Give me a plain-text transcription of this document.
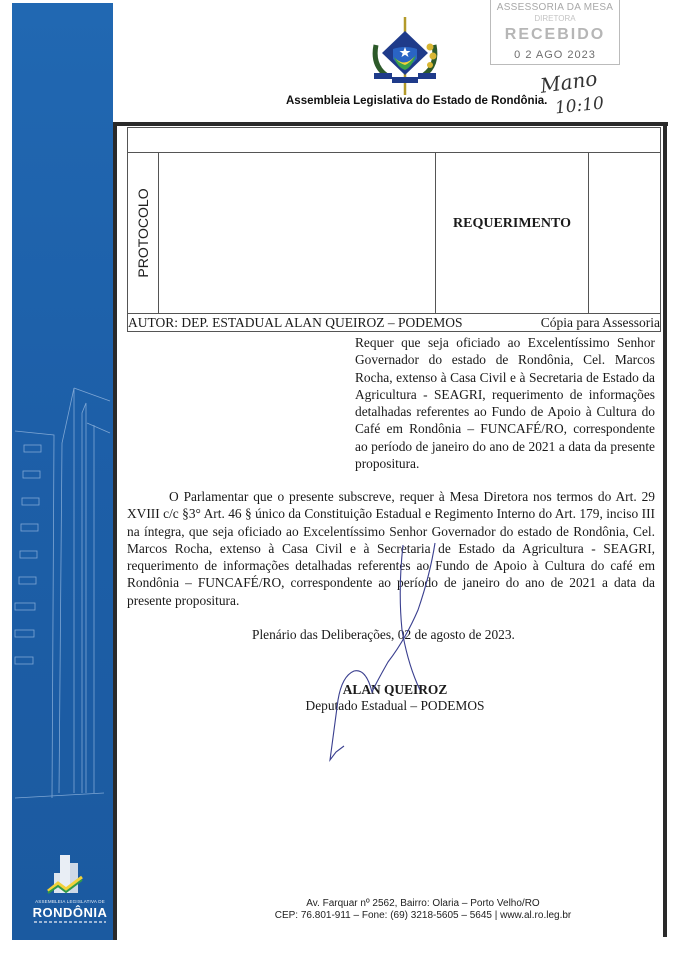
ASSEMBLEIA LEGISLATIVA DE
RONDÔNIA
Assembleia Legislativa do Estado de Rondônia.
ASSESSORIA DA MESA
DIRETORA
RECEBIDO
0 2 AGO 2023
Mano
10:10

PROTOCOLO		REQUERIMENTO	

AUTOR: DEP. ESTADUAL ALAN QUEIROZ – PODEMOS	Cópia para Assessoria
Requer que seja oficiado ao Excelentíssimo Senhor Governador do estado de Rondônia, Cel. Marcos Rocha, extenso à Casa Civil e à Secretaria de Estado da Agricultura - SEAGRI, requerimento de informações detalhadas referentes ao Fundo de Apoio à Cultura do Café em Rondônia – FUNCAFÉ/RO, correspondente ao período de janeiro do ano de 2021 a data da presente propositura.
O Parlamentar que o presente subscreve, requer à Mesa Diretora nos termos do Art. 29 XVIII c/c §3° Art. 46 § único da Constituição Estadual e Regimento Interno do Art. 179, inciso III na íntegra, que seja oficiado ao Excelentíssimo Senhor Governador do estado de Rondônia, Cel. Marcos Rocha, extenso à Casa Civil e à Secretaria de Estado da Agricultura - SEAGRI, requerimento de informações detalhadas referentes ao Fundo de Apoio à Cultura do café em Rondônia – FUNCAFÉ/RO, correspondente ao período de janeiro do ano de 2021 a data da presente propositura.
Plenário das Deliberações, 02 de agosto de 2023.
ALAN QUEIROZ
Deputado Estadual – PODEMOS
Av. Farquar nº 2562, Bairro: Olaria – Porto Velho/RO
CEP: 76.801-911 – Fone: (69) 3218-5605 – 5645 | www.al.ro.leg.br
